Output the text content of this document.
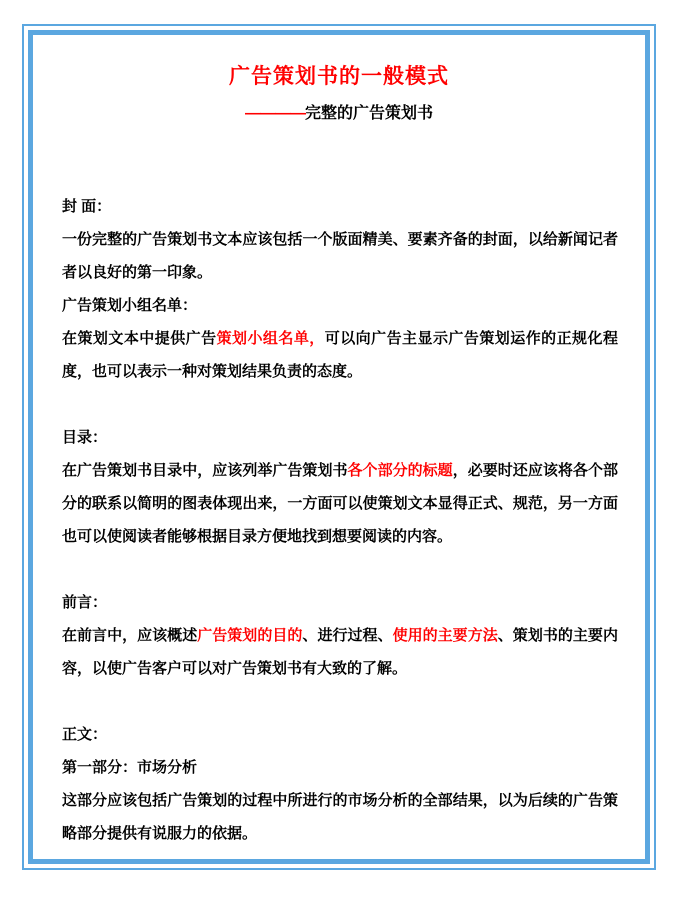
广告策划书的一般模式
————完整的广告策划书
封 面：
一份完整的广告策划书文本应该包括一个版面精美、要素齐备的封面，以给新闻记者者以良好的第一印象。
广告策划小组名单：
在策划文本中提供广告策划小组名单，可以向广告主显示广告策划运作的正规化程度，也可以表示一种对策划结果负责的态度。
目录：
在广告策划书目录中，应该列举广告策划书各个部分的标题，必要时还应该将各个部分的联系以简明的图表体现出来，一方面可以使策划文本显得正式、规范，另一方面也可以使阅读者能够根据目录方便地找到想要阅读的内容。
前言：
在前言中，应该概述广告策划的目的、进行过程、使用的主要方法、策划书的主要内容，以使广告客户可以对广告策划书有大致的了解。
正文：
第一部分：市场分析
这部分应该包括广告策划的过程中所进行的市场分析的全部结果，以为后续的广告策略部分提供有说服力的依据。
